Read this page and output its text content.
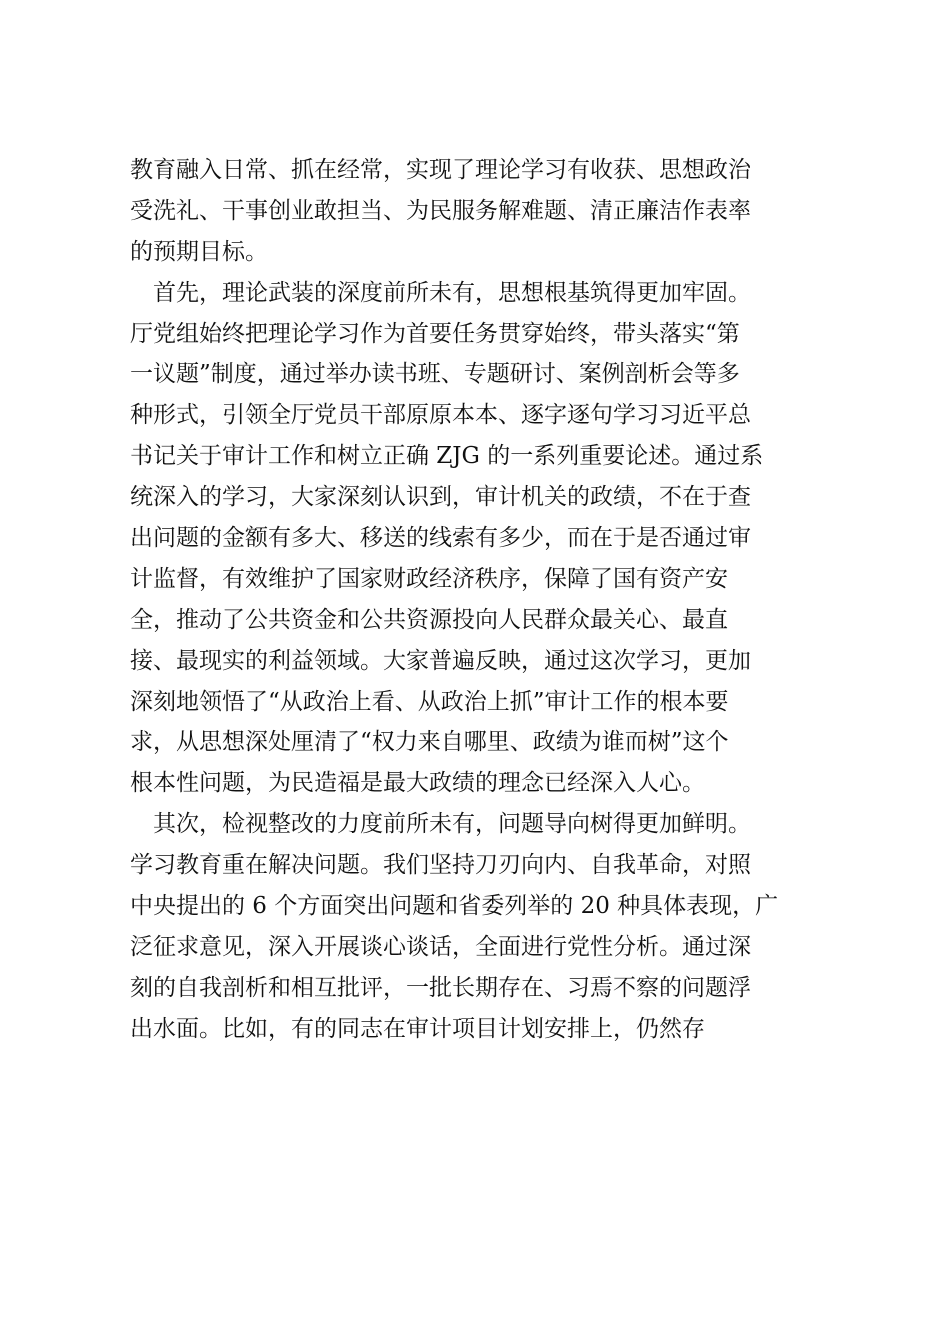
教育融入日常、抓在经常，实现了理论学习有收获、思想政治
受洗礼、干事创业敢担当、为民服务解难题、清正廉洁作表率
的预期目标。
　首先，理论武装的深度前所未有，思想根基筑得更加牢固。
厅党组始终把理论学习作为首要任务贯穿始终，带头落实“第
一议题”制度，通过举办读书班、专题研讨、案例剖析会等多
种形式，引领全厅党员干部原原本本、逐字逐句学习习近平总
书记关于审计工作和树立正确 ZJG 的一系列重要论述。通过系
统深入的学习，大家深刻认识到，审计机关的政绩，不在于查
出问题的金额有多大、移送的线索有多少，而在于是否通过审
计监督，有效维护了国家财政经济秩序，保障了国有资产安
全，推动了公共资金和公共资源投向人民群众最关心、最直
接、最现实的利益领域。大家普遍反映，通过这次学习，更加
深刻地领悟了“从政治上看、从政治上抓”审计工作的根本要
求，从思想深处厘清了“权力来自哪里、政绩为谁而树”这个
根本性问题，为民造福是最大政绩的理念已经深入人心。
　其次，检视整改的力度前所未有，问题导向树得更加鲜明。
学习教育重在解决问题。我们坚持刀刃向内、自我革命，对照
中央提出的 6 个方面突出问题和省委列举的 20 种具体表现，广
泛征求意见，深入开展谈心谈话，全面进行党性分析。通过深
刻的自我剖析和相互批评，一批长期存在、习焉不察的问题浮
出水面。比如，有的同志在审计项目计划安排上，仍然存
